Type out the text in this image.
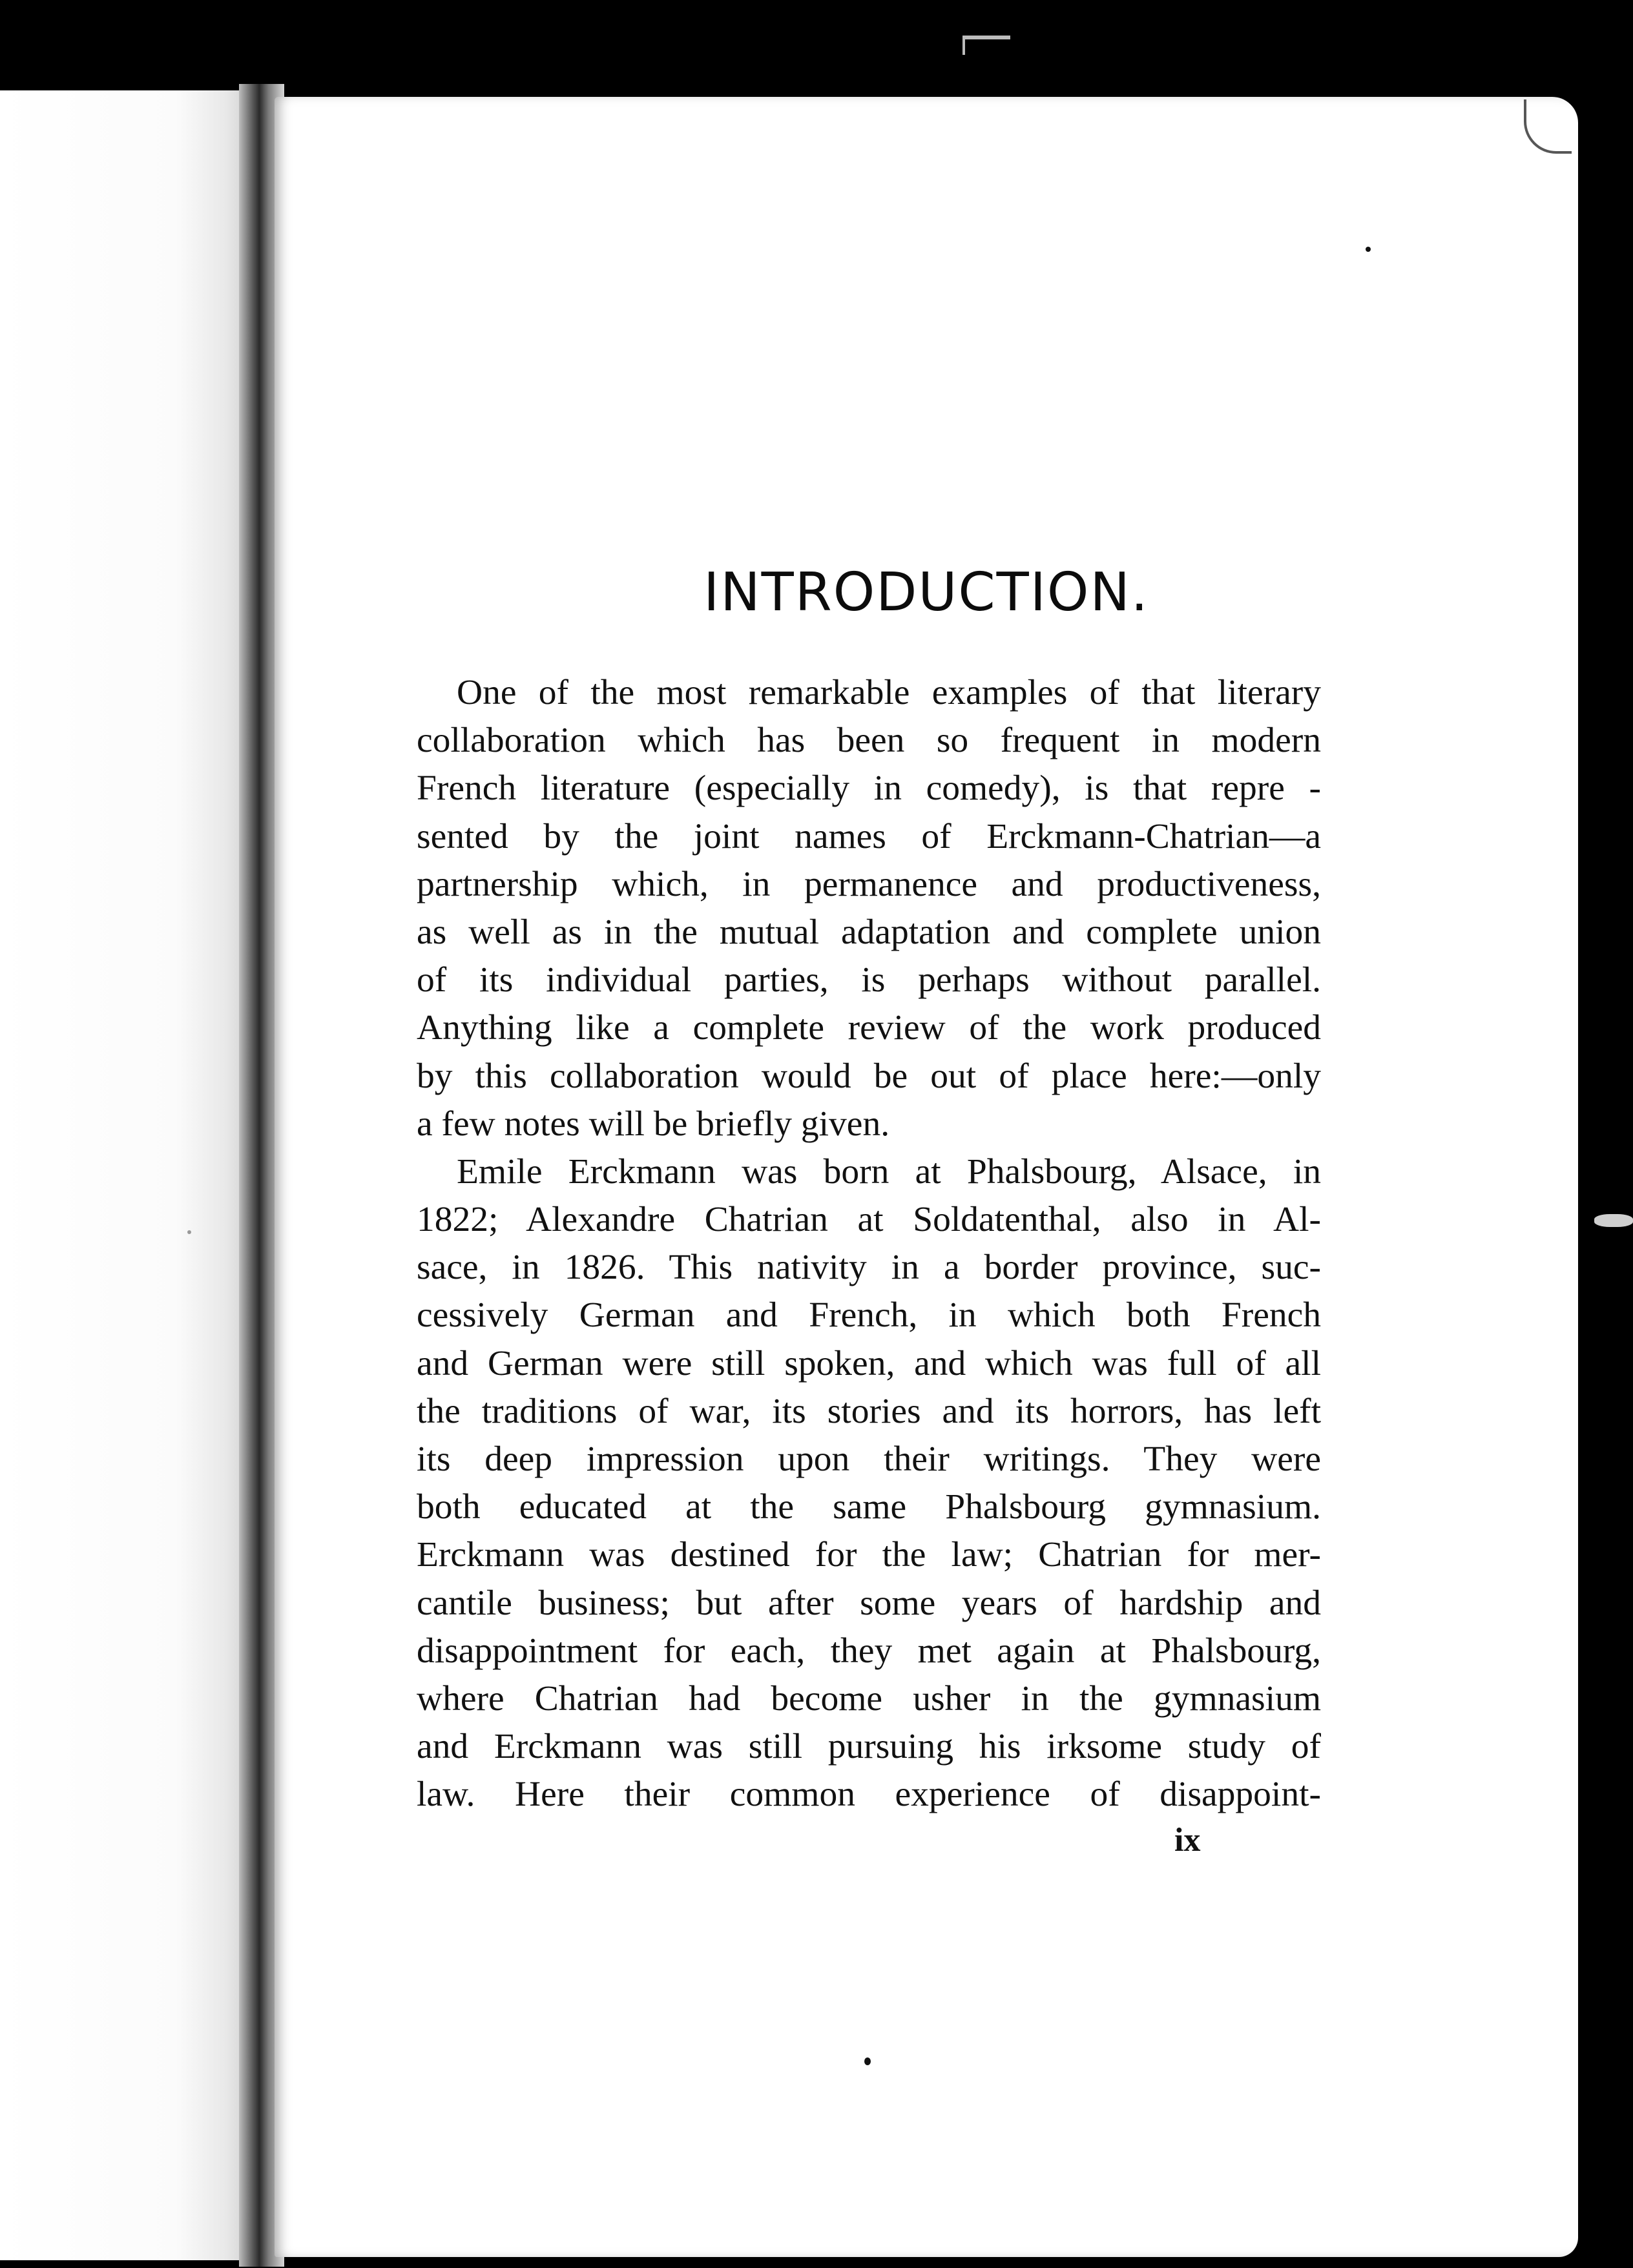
INTRODUCTION.
One of the most remarkable examples of that literary
collaboration which has been so frequent in modern
French literature (especially in comedy), is that repre -
sented by the joint names of Erckmann-Chatrian—a
partnership which, in permanence and productiveness,
as well as in the mutual adaptation and complete union
of its individual parties, is perhaps without parallel.
Anything like a complete review of the work produced
by this collaboration would be out of place here:—only
a few notes will be briefly given.
Emile Erckmann was born at Phalsbourg, Alsace, in
1822; Alexandre Chatrian at Soldatenthal, also in Al-
sace, in 1826. This nativity in a border province, suc-
cessively German and French, in which both French
and German were still spoken, and which was full of all
the traditions of war, its stories and its horrors, has left
its deep impression upon their writings. They were
both educated at the same Phalsbourg gymnasium.
Erckmann was destined for the law; Chatrian for mer-
cantile business; but after some years of hardship and
disappointment for each, they met again at Phalsbourg,
where Chatrian had become usher in the gymnasium
and Erckmann was still pursuing his irksome study of
law. Here their common experience of disappoint-
ix
